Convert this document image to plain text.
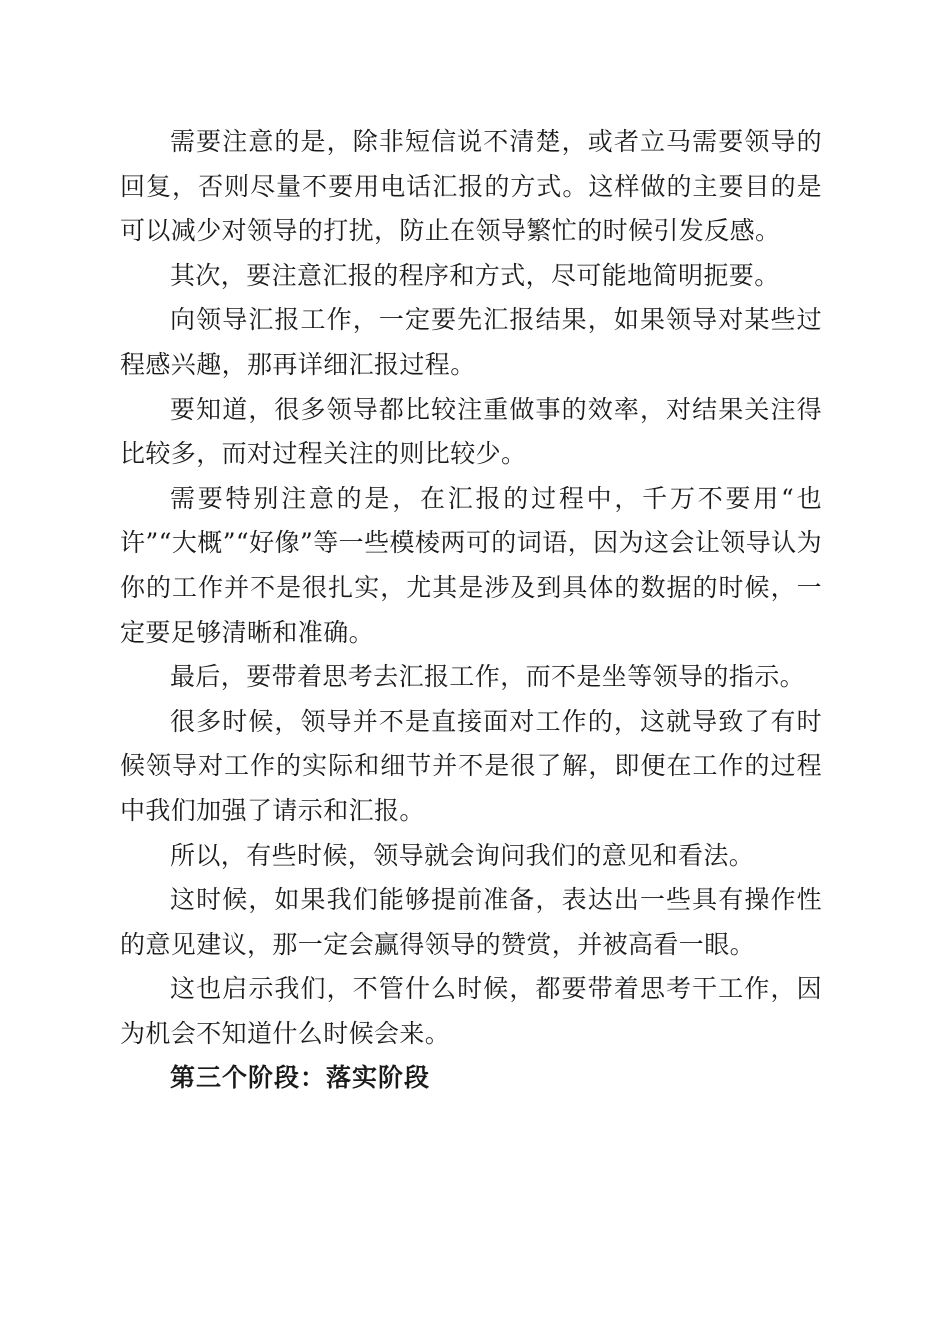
需要注意的是，除非短信说不清楚，或者立马需要领导的回复，否则尽量不要用电话汇报的方式。这样做的主要目的是可以减少对领导的打扰，防止在领导繁忙的时候引发反感。

其次，要注意汇报的程序和方式，尽可能地简明扼要。

向领导汇报工作，一定要先汇报结果，如果领导对某些过程感兴趣，那再详细汇报过程。

要知道，很多领导都比较注重做事的效率，对结果关注得比较多，而对过程关注的则比较少。

需要特别注意的是，在汇报的过程中，千万不要用“也许”“大概”“好像”等一些模棱两可的词语，因为这会让领导认为你的工作并不是很扎实，尤其是涉及到具体的数据的时候，一定要足够清晰和准确。

最后，要带着思考去汇报工作，而不是坐等领导的指示。

很多时候，领导并不是直接面对工作的，这就导致了有时候领导对工作的实际和细节并不是很了解，即便在工作的过程中我们加强了请示和汇报。

所以，有些时候，领导就会询问我们的意见和看法。

这时候，如果我们能够提前准备，表达出一些具有操作性的意见建议，那一定会赢得领导的赞赏，并被高看一眼。

这也启示我们，不管什么时候，都要带着思考干工作，因为机会不知道什么时候会来。

第三个阶段：落实阶段
